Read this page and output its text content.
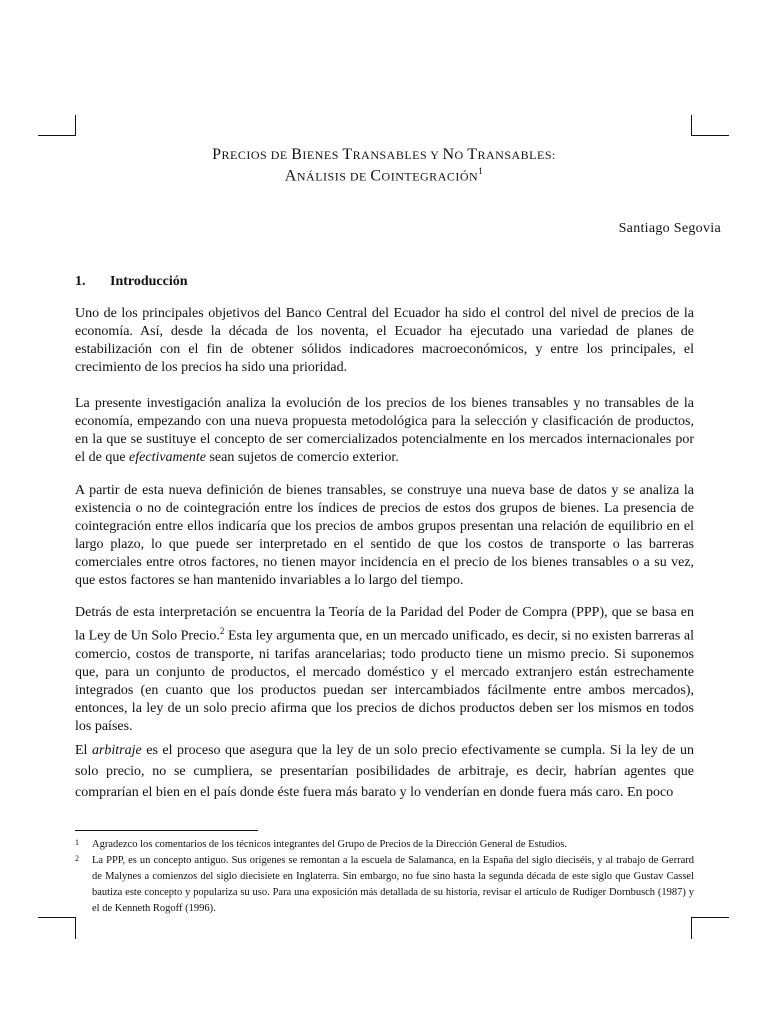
PRECIOS DE BIENES TRANSABLES Y NO TRANSABLES:
ANÁLISIS DE COINTEGRACIÓN$^1$
Santiago Segovia
1. Introducción

Uno de los principales objetivos del Banco Central del Ecuador ha sido el control del nivel de precios de la economía. Así, desde la década de los noventa, el Ecuador ha ejecutado una variedad de planes de estabilización con el fin de obtener sólidos indicadores macroeconómicos, y entre los principales, el crecimiento de los precios ha sido una prioridad.

La presente investigación analiza la evolución de los precios de los bienes transables y no transables de la economía, empezando con una nueva propuesta metodológica para la selección y clasificación de productos, en la que se sustituye el concepto de ser comercializados potencialmente en los mercados internacionales por el de que efectivamente sean sujetos de comercio exterior.

A partir de esta nueva definición de bienes transables, se construye una nueva base de datos y se analiza la existencia o no de cointegración entre los índices de precios de estos dos grupos de bienes. La presencia de cointegración entre ellos indicaría que los precios de ambos grupos presentan una relación de equilibrio en el largo plazo, lo que puede ser interpretado en el sentido de que los costos de transporte o las barreras comerciales entre otros factores, no tienen mayor incidencia en el precio de los bienes transables o a su vez, que estos factores se han mantenido invariables a lo largo del tiempo.

Detrás de esta interpretación se encuentra la Teoría de la Paridad del Poder de Compra (PPP), que se basa en la Ley de Un Solo Precio.$^2$ Esta ley argumenta que, en un mercado unificado, es decir, si no existen barreras al comercio, costos de transporte, ni tarifas arancelarias; todo producto tiene un mismo precio. Si suponemos que, para un conjunto de productos, el mercado doméstico y el mercado extranjero están estrechamente integrados (en cuanto que los productos puedan ser intercambiados fácilmente entre ambos mercados), entonces, la ley de un solo precio afirma que los precios de dichos productos deben ser los mismos en todos los países.

El arbitraje es el proceso que asegura que la ley de un solo precio efectivamente se cumpla. Si la ley de un solo precio, no se cumpliera, se presentarían posibilidades de arbitraje, es decir, habrían agentes que comprarían el bien en el país donde éste fuera más barato y lo venderían en donde fuera más caro. En poco

1 Agradezco los comentarios de los técnicos integrantes del Grupo de Precios de la Dirección General de Estudios.
2 La PPP, es un concepto antiguo. Sus orígenes se remontan a la escuela de Salamanca, en la España del siglo dieciséis, y al trabajo de Gerrard de Malynes a comienzos del siglo diecisiete en Inglaterra. Sin embargo, no fue sino hasta la segunda década de este siglo que Gustav Cassel bautiza este concepto y populariza su uso. Para una exposición más detallada de su historia, revisar el artículo de Rudiger Dornbusch (1987) y el de Kenneth Rogoff (1996).
